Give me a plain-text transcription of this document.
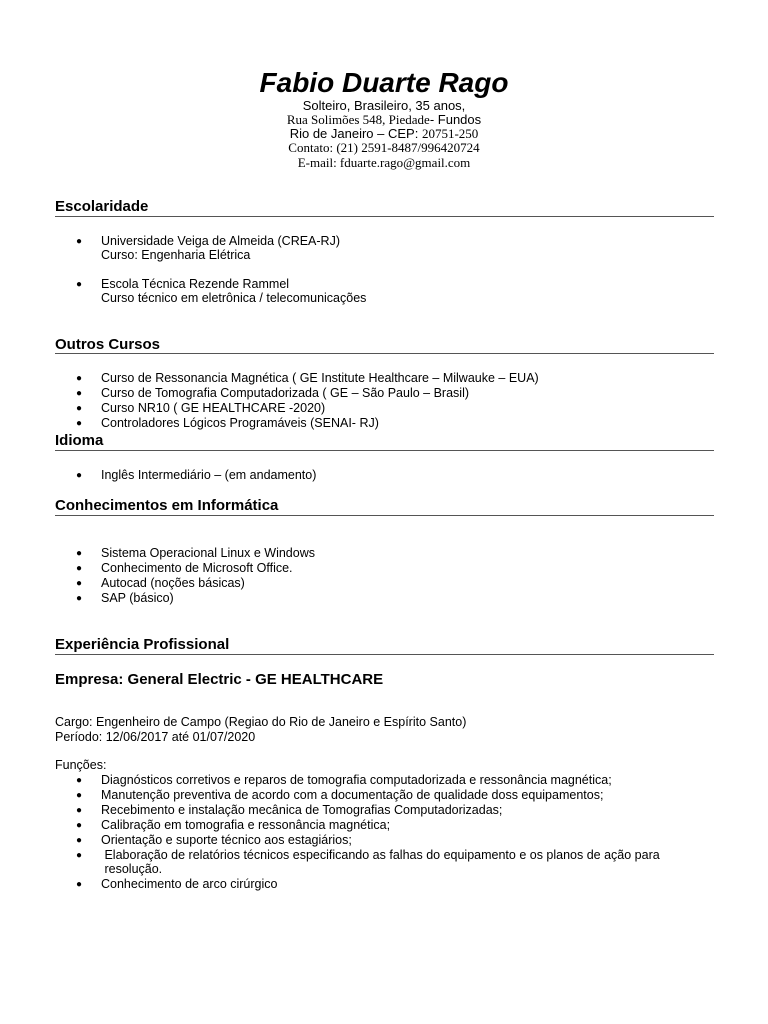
Fabio Duarte Rago
Solteiro, Brasileiro, 35 anos,
Rua Solimões 548, Piedade- Fundos
Rio de Janeiro – CEP: 20751-250
Contato: (21) 2591-8487/996420724
E-mail: fduarte.rago@gmail.com
Escolaridade
● Universidade Veiga de Almeida (CREA-RJ)
Curso: Engenharia Elétrica
● Escola Técnica Rezende Rammel
Curso técnico em eletrônica / telecomunicações
Outros Cursos
● Curso de Ressonancia Magnética ( GE Institute Healthcare – Milwauke – EUA)
● Curso de Tomografia Computadorizada ( GE – São Paulo – Brasil)
● Curso NR10 ( GE HEALTHCARE -2020)
● Controladores Lógicos Programáveis (SENAI- RJ)
Idioma
● Inglês Intermediário – (em andamento)
Conhecimentos em Informática
● Sistema Operacional Linux e Windows
● Conhecimento de Microsoft Office.
● Autocad (noções básicas)
● SAP (básico)
Experiência Profissional
Empresa: General Electric - GE HEALTHCARE
Cargo: Engenheiro de Campo (Regiao do Rio de Janeiro e Espírito Santo)
Período: 12/06/2017 até 01/07/2020
Funções:
● Diagnósticos corretivos e reparos de tomografia computadorizada e ressonância magnética;
● Manutenção preventiva de acordo com a documentação de qualidade doss equipamentos;
● Recebimento e instalação mecânica de Tomografias Computadorizadas;
● Calibração em tomografia e ressonância magnética;
● Orientação e suporte técnico aos estagiários;
● Elaboração de relatórios técnicos especificando as falhas do equipamento e os planos de ação para
resolução.
● Conhecimento de arco cirúrgico
